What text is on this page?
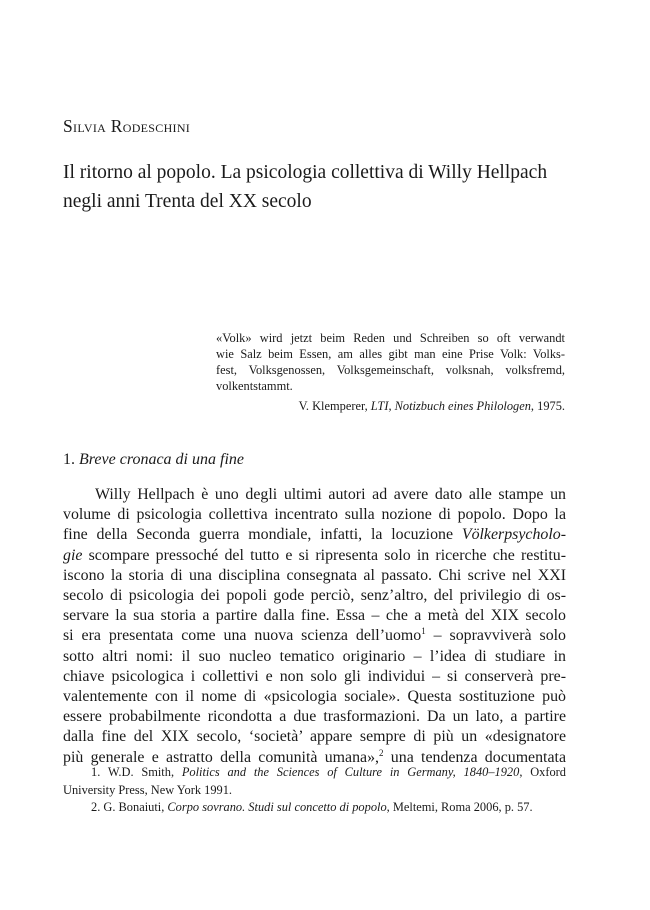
Silvia Rodeschini
Il ritorno al popolo. La psicologia collettiva di Willy Hellpach
negli anni Trenta del XX secolo
«Volk» wird jetzt beim Reden und Schreiben so oft verwandt
wie Salz beim Essen, am alles gibt man eine Prise Volk: Volks-
fest, Volksgenossen, Volksgemeinschaft, volksnah, volksfremd,
volkentstammt.
V. Klemperer, LTI, Notizbuch eines Philologen, 1975.
1. Breve cronaca di una fine
Willy Hellpach è uno degli ultimi autori ad avere dato alle stampe un
volume di psicologia collettiva incentrato sulla nozione di popolo. Dopo la
fine della Seconda guerra mondiale, infatti, la locuzione Völkerpsycholo-
gie scompare pressoché del tutto e si ripresenta solo in ricerche che restitu-
iscono la storia di una disciplina consegnata al passato. Chi scrive nel XXI
secolo di psicologia dei popoli gode perciò, senz’altro, del privilegio di os-
servare la sua storia a partire dalla fine. Essa – che a metà del XIX secolo
si era presentata come una nuova scienza dell’uomo$^1$ – sopravviverà solo
sotto altri nomi: il suo nucleo tematico originario – l’idea di studiare in
chiave psicologica i collettivi e non solo gli individui – si conserverà pre-
valentemente con il nome di «psicologia sociale». Questa sostituzione può
essere probabilmente ricondotta a due trasformazioni. Da un lato, a partire
dalla fine del XIX secolo, ‘società’ appare sempre di più un «designatore
più generale e astratto della comunità umana»,$^2$ una tendenza documentata
1. W.D. Smith, Politics and the Sciences of Culture in Germany, 1840–1920, Oxford
University Press, New York 1991.
2. G. Bonaiuti, Corpo sovrano. Studi sul concetto di popolo, Meltemi, Roma 2006, p. 57.
